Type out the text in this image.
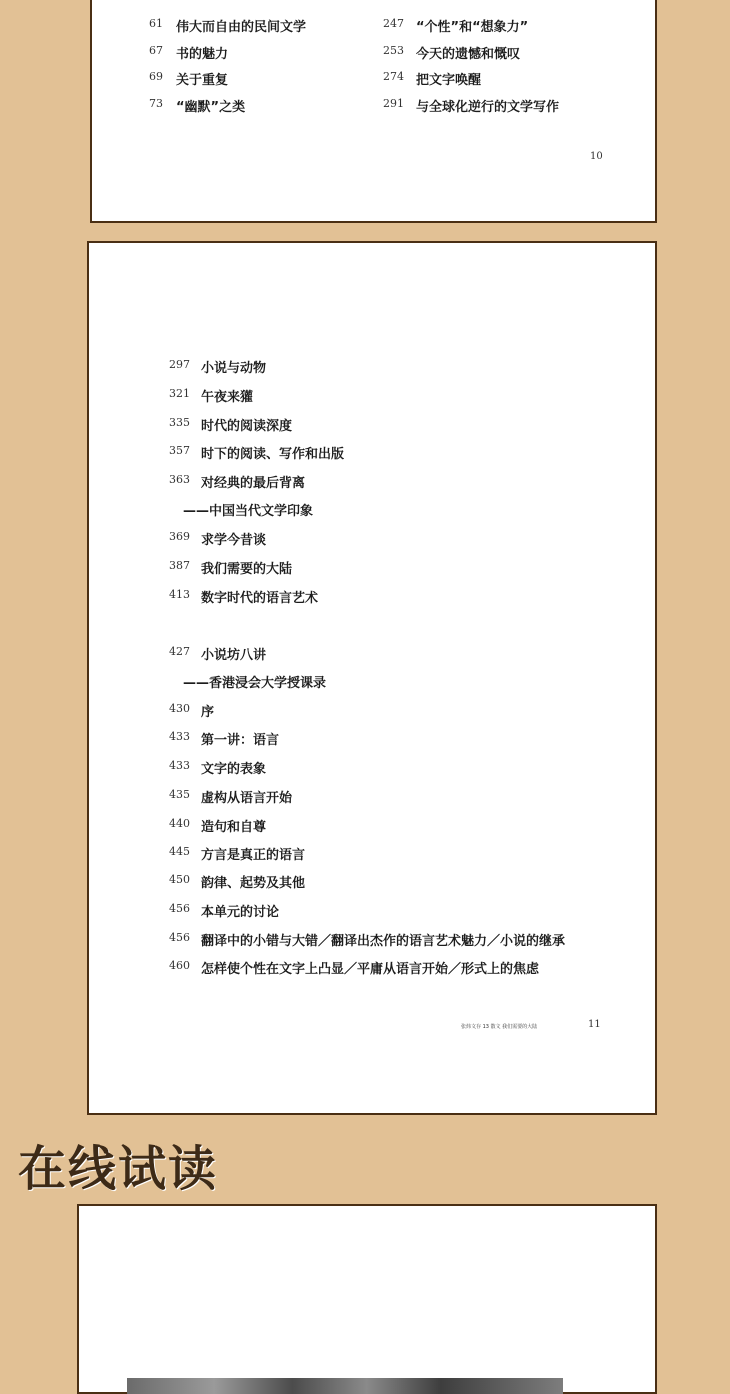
61 伟大而自由的民间文学
67 书的魅力
69 关于重复
73 “幽默”之类
247 “个性”和“想象力”
253 今天的遗憾和慨叹
274 把文字唤醒
291 与全球化逆行的文学写作
10
297 小说与动物
321 午夜来獾
335 时代的阅读深度
357 时下的阅读、写作和出版
363 对经典的最后背离
——中国当代文学印象
369 求学今昔谈
387 我们需要的大陆
413 数字时代的语言艺术
427 小说坊八讲
——香港浸会大学授课录
430 序
433 第一讲：语言
433 文字的表象
435 虚构从语言开始
440 造句和自尊
445 方言是真正的语言
450 韵律、起势及其他
456 本单元的讨论
456 翻译中的小错与大错／翻译出杰作的语言艺术魅力／小说的继承
460 怎样使个性在文字上凸显／平庸从语言开始／形式上的焦虑
张炜文存 13 散文 我们需要的大陆	11
在线试读
